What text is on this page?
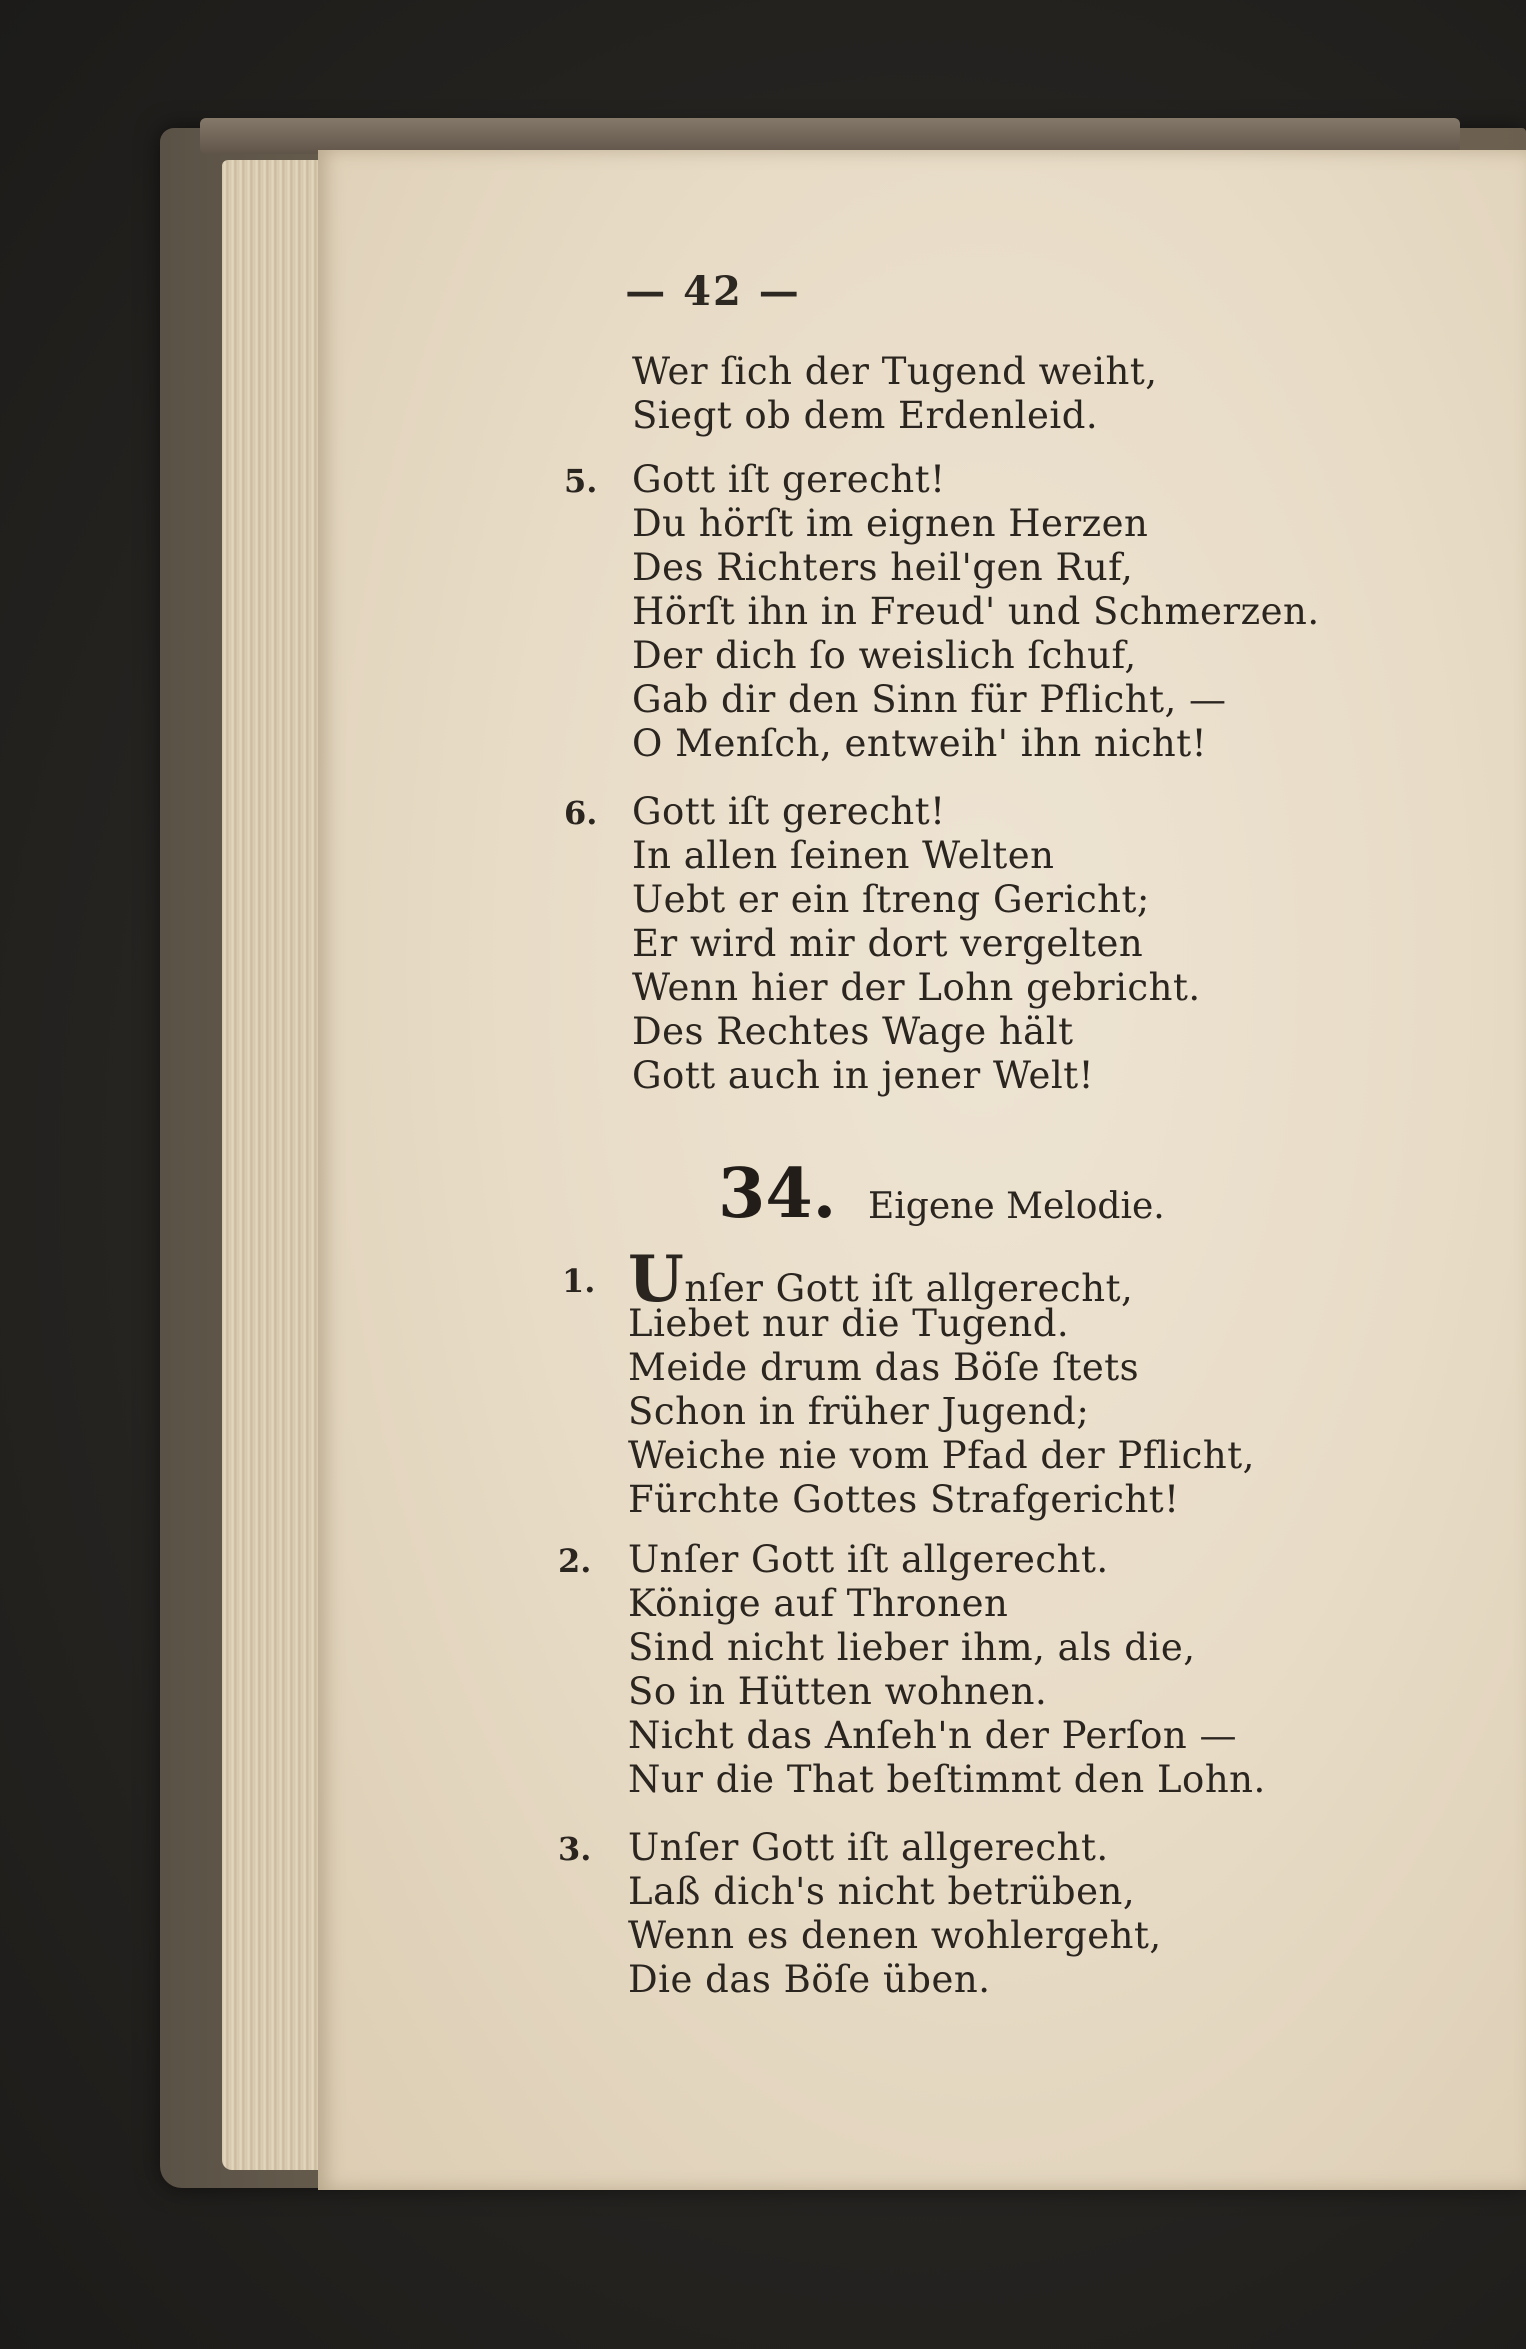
— 42 —
Wer ſich der Tugend weiht,
Siegt ob dem Erdenleid.
5. Gott iſt gerecht!
Du hörſt im eignen Herzen
Des Richters heil'gen Ruf,
Hörſt ihn in Freud' und Schmerzen.
Der dich ſo weislich ſchuf,
Gab dir den Sinn für Pflicht, —
O Menſch, entweih' ihn nicht!
6. Gott iſt gerecht!
In allen ſeinen Welten
Uebt er ein ſtreng Gericht;
Er wird mir dort vergelten
Wenn hier der Lohn gebricht.
Des Rechtes Wage hält
Gott auch in jener Welt!
34. Eigene Melodie.
1. Unſer Gott iſt allgerecht,
Liebet nur die Tugend.
Meide drum das Böſe ſtets
Schon in früher Jugend;
Weiche nie vom Pfad der Pflicht,
Fürchte Gottes Strafgericht!
2. Unſer Gott iſt allgerecht.
Könige auf Thronen
Sind nicht lieber ihm, als die,
So in Hütten wohnen.
Nicht das Anſeh'n der Perſon —
Nur die That beſtimmt den Lohn.
3. Unſer Gott iſt allgerecht.
Laß dich's nicht betrüben,
Wenn es denen wohlergeht,
Die das Böſe üben.
